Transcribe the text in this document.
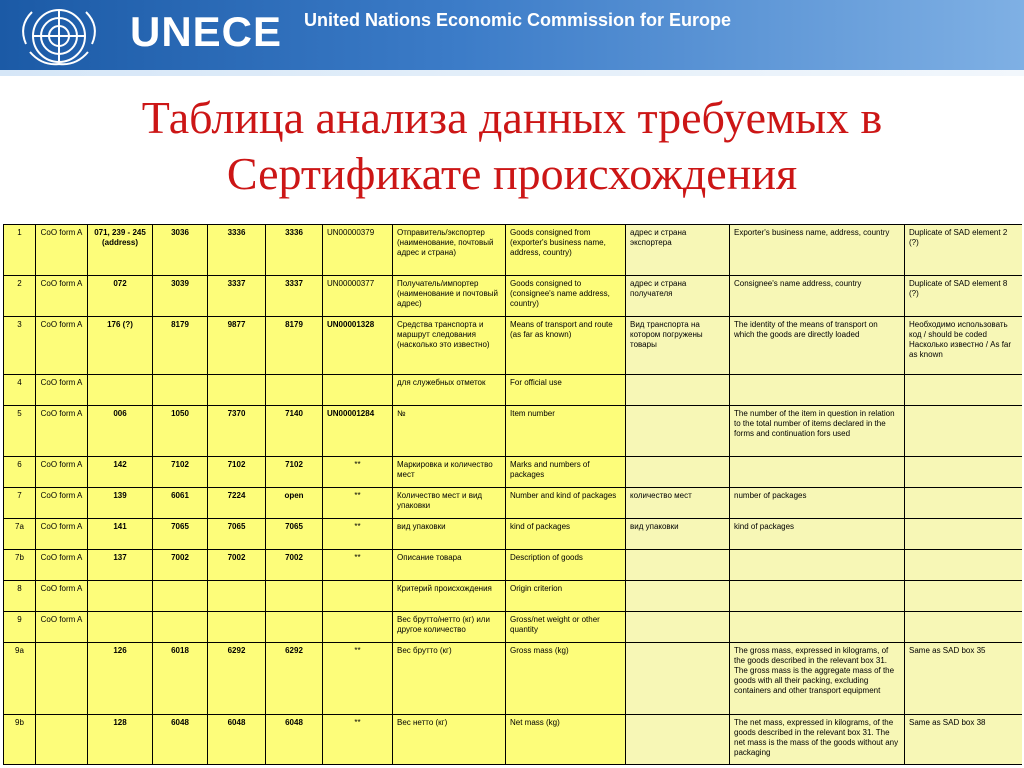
UNECE United Nations Economic Commission for Europe
Таблица анализа данных требуемых в Сертификате происхождения
1	CoO form A	071, 239 - 245 (address)	3036	3336	3336	UN00000379	Отправитель/экспортер (наименование, почтовый адрес и страна)	Goods consigned from (exporter's business name, address, country)	адрес и страна экспортера	Exporter's business name, address, country	Duplicate of SAD element 2 (?)
2	CoO form A	072	3039	3337	3337	UN00000377	Получатель/импортер (наименование и почтовый адрес)	Goods consigned to (consignee's name address, country)	адрес и страна получателя	Consignee's name address, country	Duplicate of SAD element 8 (?)
3	CoO form A	176 (?)	8179	9877	8179	UN00001328	Средства транспорта и маршрут следования (насколько это известно)	Means of transport and route (as far as known)	Вид транспорта на котором погружены товары	The identity of the means of transport on which the goods are directly loaded	Необходимо использовать код / should be coded Насколько известно / As far as known
4	CoO form A						для служебных отметок	For official use			
5	CoO form A	006	1050	7370	7140	UN00001284	№	Item number		The number of the item in question in relation to the total number of items declared in the forms and continuation fors used	
6	CoO form A	142	7102	7102	7102	**	Маркировка и количество мест	Marks and numbers of packages			
7	CoO form A	139	6061	7224	open	**	Количество мест и вид упаковки	Number and kind of packages	количество мест	number of packages	
7a	CoO form A	141	7065	7065	7065	**	вид упаковки	kind of packages	вид упаковки	kind of packages	
7b	CoO form A	137	7002	7002	7002	**	Описание товара	Description of goods			
8	CoO form A						Критерий происхождения	Origin criterion			
9	CoO form A						Вес брутто/нетто (кг) или другое количество	Gross/net weight or other quantity			
9a		126	6018	6292	6292	**	Вес брутто (кг)	Gross mass (kg)		The gross mass, expressed in kilograms, of the goods described in the relevant box 31. The gross mass is the aggregate mass of the goods with all their packing, excluding containers and other transport equipment	Same as SAD box 35
9b		128	6048	6048	6048	**	Вес нетто (кг)	Net mass (kg)		The net mass, expressed in kilograms, of the goods described in the relevant box 31. The net mass is the mass of the goods without any packaging	Same as SAD box 38
